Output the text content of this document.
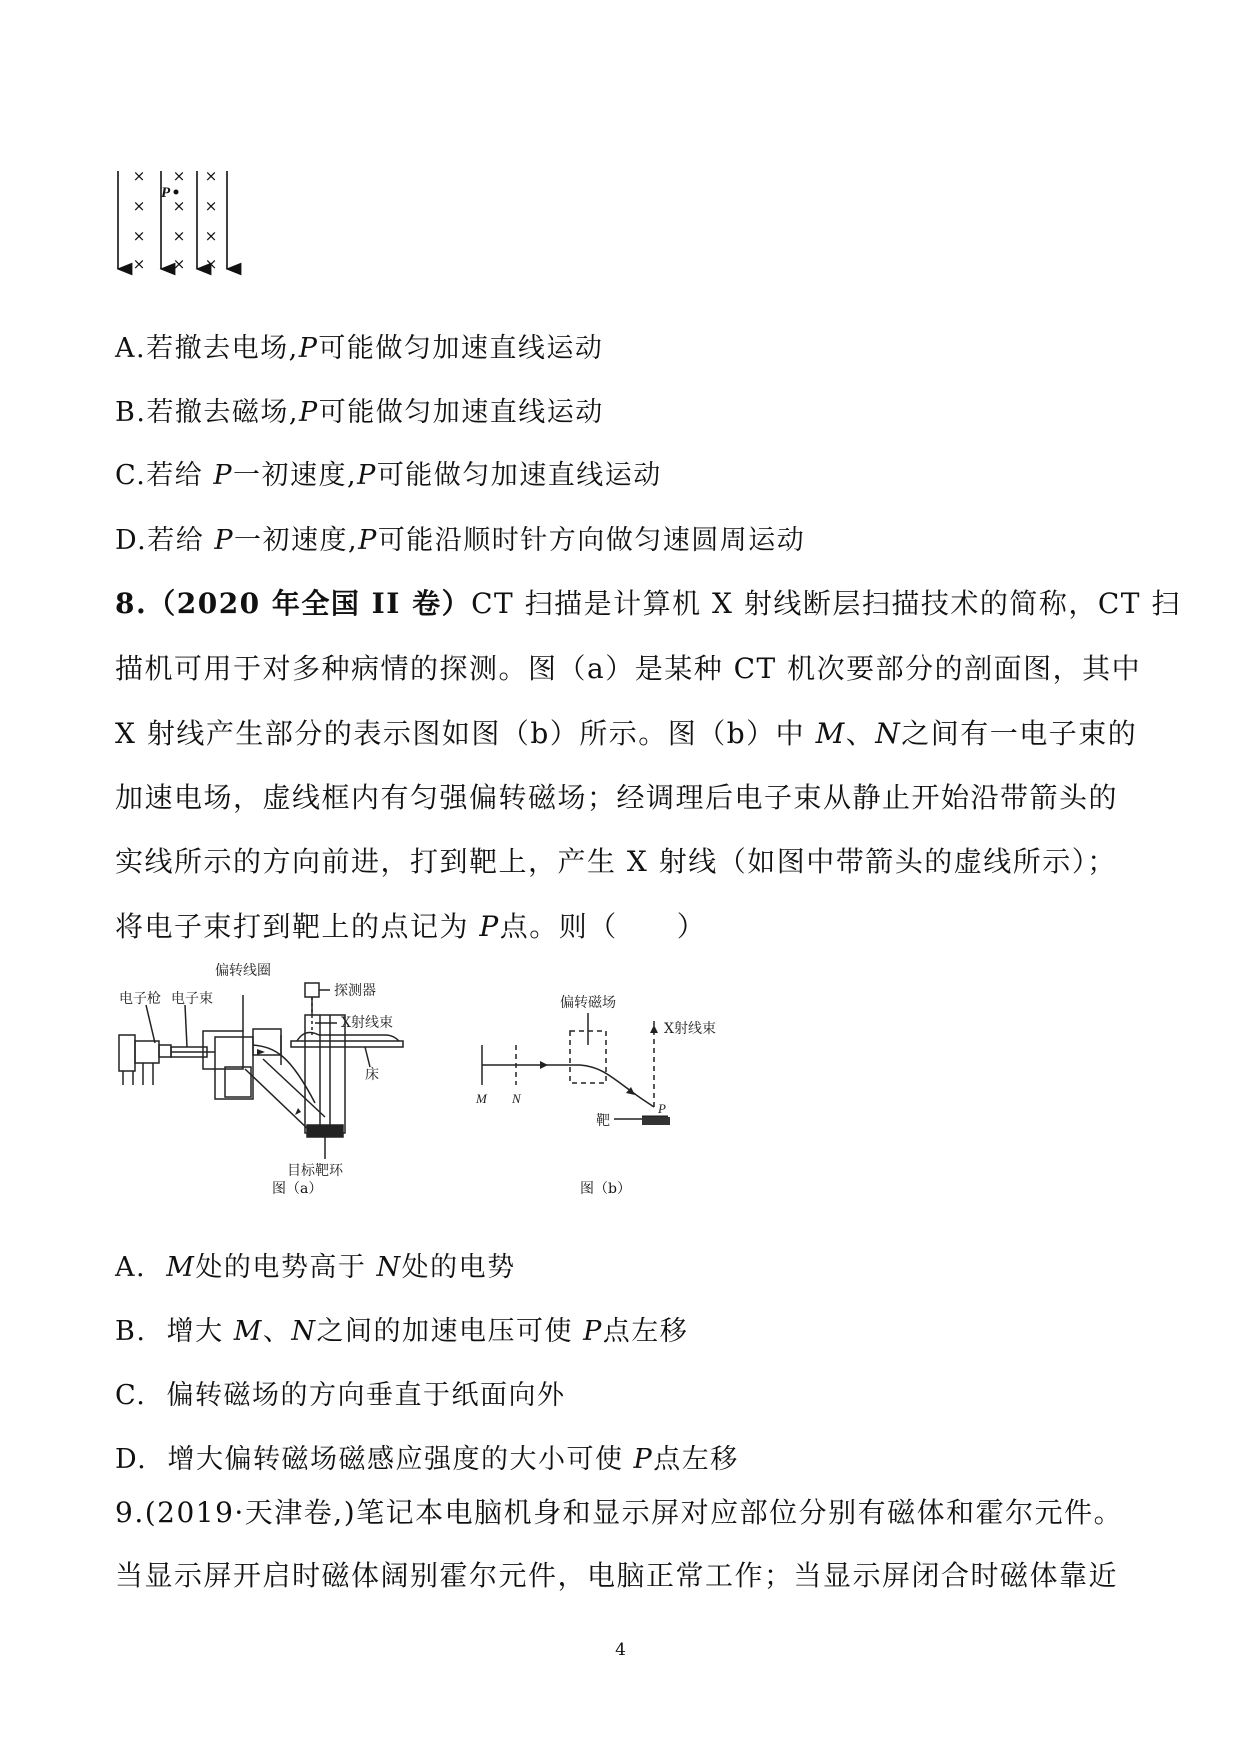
×
×
×
×
×
×
×
×
×
×
×
×
P
A.若撤去电场,P可能做匀加速直线运动
B.若撤去磁场,P可能做匀加速直线运动
C.若给 P一初速度,P可能做匀加速直线运动
D.若给 P一初速度,P可能沿顺时针方向做匀速圆周运动
8.（2020 年全国 II 卷）CT 扫描是计算机 X 射线断层扫描技术的简称，CT 扫
描机可用于对多种病情的探测。图（a）是某种 CT 机次要部分的剖面图，其中
X 射线产生部分的表示图如图（b）所示。图（b）中 M、N之间有一电子束的
加速电场，虚线框内有匀强偏转磁场；经调理后电子束从静止开始沿带箭头的
实线所示的方向前进，打到靶上，产生 X 射线（如图中带箭头的虚线所示）；
将电子束打到靶上的点记为 P点。则（　　）
偏转线圈
探测器
电子枪 电子束
X射线束
床
目标靶环
图（a）
偏转磁场
X射线束
靶
M N
P
图（b）
A. M处的电势高于 N处的电势
B. 增大 M、N之间的加速电压可使 P点左移
C. 偏转磁场的方向垂直于纸面向外
D. 增大偏转磁场磁感应强度的大小可使 P点左移
9.(2019·天津卷,)笔记本电脑机身和显示屏对应部位分别有磁体和霍尔元件。
当显示屏开启时磁体阔别霍尔元件，电脑正常工作；当显示屏闭合时磁体靠近
4
